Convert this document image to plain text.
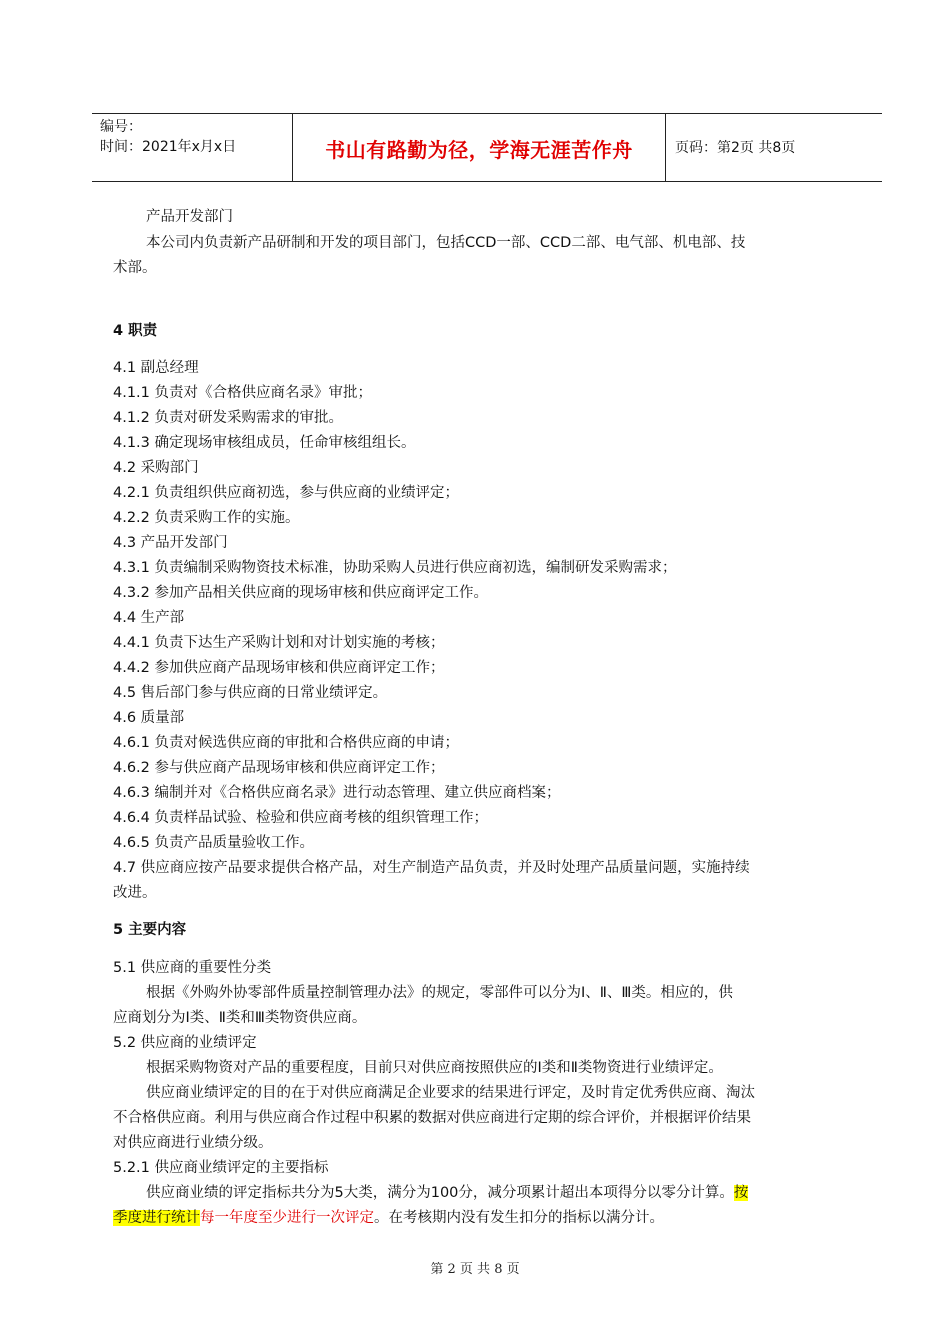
编号：
时间：2021年x月x日	书山有路勤为径，学海无涯苦作舟	页码：第2页 共8页
产品开发部门
本公司内负责新产品研制和开发的项目部门，包括CCD一部、CCD二部、电气部、机电部、技
术部。
4 职责
4.1 副总经理
4.1.1 负责对《合格供应商名录》审批；
4.1.2 负责对研发采购需求的审批。
4.1.3 确定现场审核组成员，任命审核组组长。
4.2 采购部门
4.2.1 负责组织供应商初选，参与供应商的业绩评定；
4.2.2 负责采购工作的实施。
4.3 产品开发部门
4.3.1 负责编制采购物资技术标准，协助采购人员进行供应商初选，编制研发采购需求；
4.3.2 参加产品相关供应商的现场审核和供应商评定工作。
4.4 生产部
4.4.1 负责下达生产采购计划和对计划实施的考核；
4.4.2 参加供应商产品现场审核和供应商评定工作；
4.5 售后部门参与供应商的日常业绩评定。
4.6 质量部
4.6.1 负责对候选供应商的审批和合格供应商的申请；
4.6.2 参与供应商产品现场审核和供应商评定工作；
4.6.3 编制并对《合格供应商名录》进行动态管理、建立供应商档案；
4.6.4 负责样品试验、检验和供应商考核的组织管理工作；
4.6.5 负责产品质量验收工作。
4.7 供应商应按产品要求提供合格产品，对生产制造产品负责，并及时处理产品质量问题，实施持续
改进。
5 主要内容
5.1 供应商的重要性分类
根据《外购外协零部件质量控制管理办法》的规定，零部件可以分为Ⅰ、Ⅱ、Ⅲ类。相应的，供
应商划分为Ⅰ类、Ⅱ类和Ⅲ类物资供应商。
5.2 供应商的业绩评定
根据采购物资对产品的重要程度，目前只对供应商按照供应的Ⅰ类和Ⅱ类物资进行业绩评定。
供应商业绩评定的目的在于对供应商满足企业要求的结果进行评定，及时肯定优秀供应商、淘汰
不合格供应商。利用与供应商合作过程中积累的数据对供应商进行定期的综合评价，并根据评价结果
对供应商进行业绩分级。
5.2.1 供应商业绩评定的主要指标
供应商业绩的评定指标共分为5大类，满分为100分，减分项累计超出本项得分以零分计算。按
季度进行统计每一年度至少进行一次评定。在考核期内没有发生扣分的指标以满分计。
第 2 页 共 8 页
